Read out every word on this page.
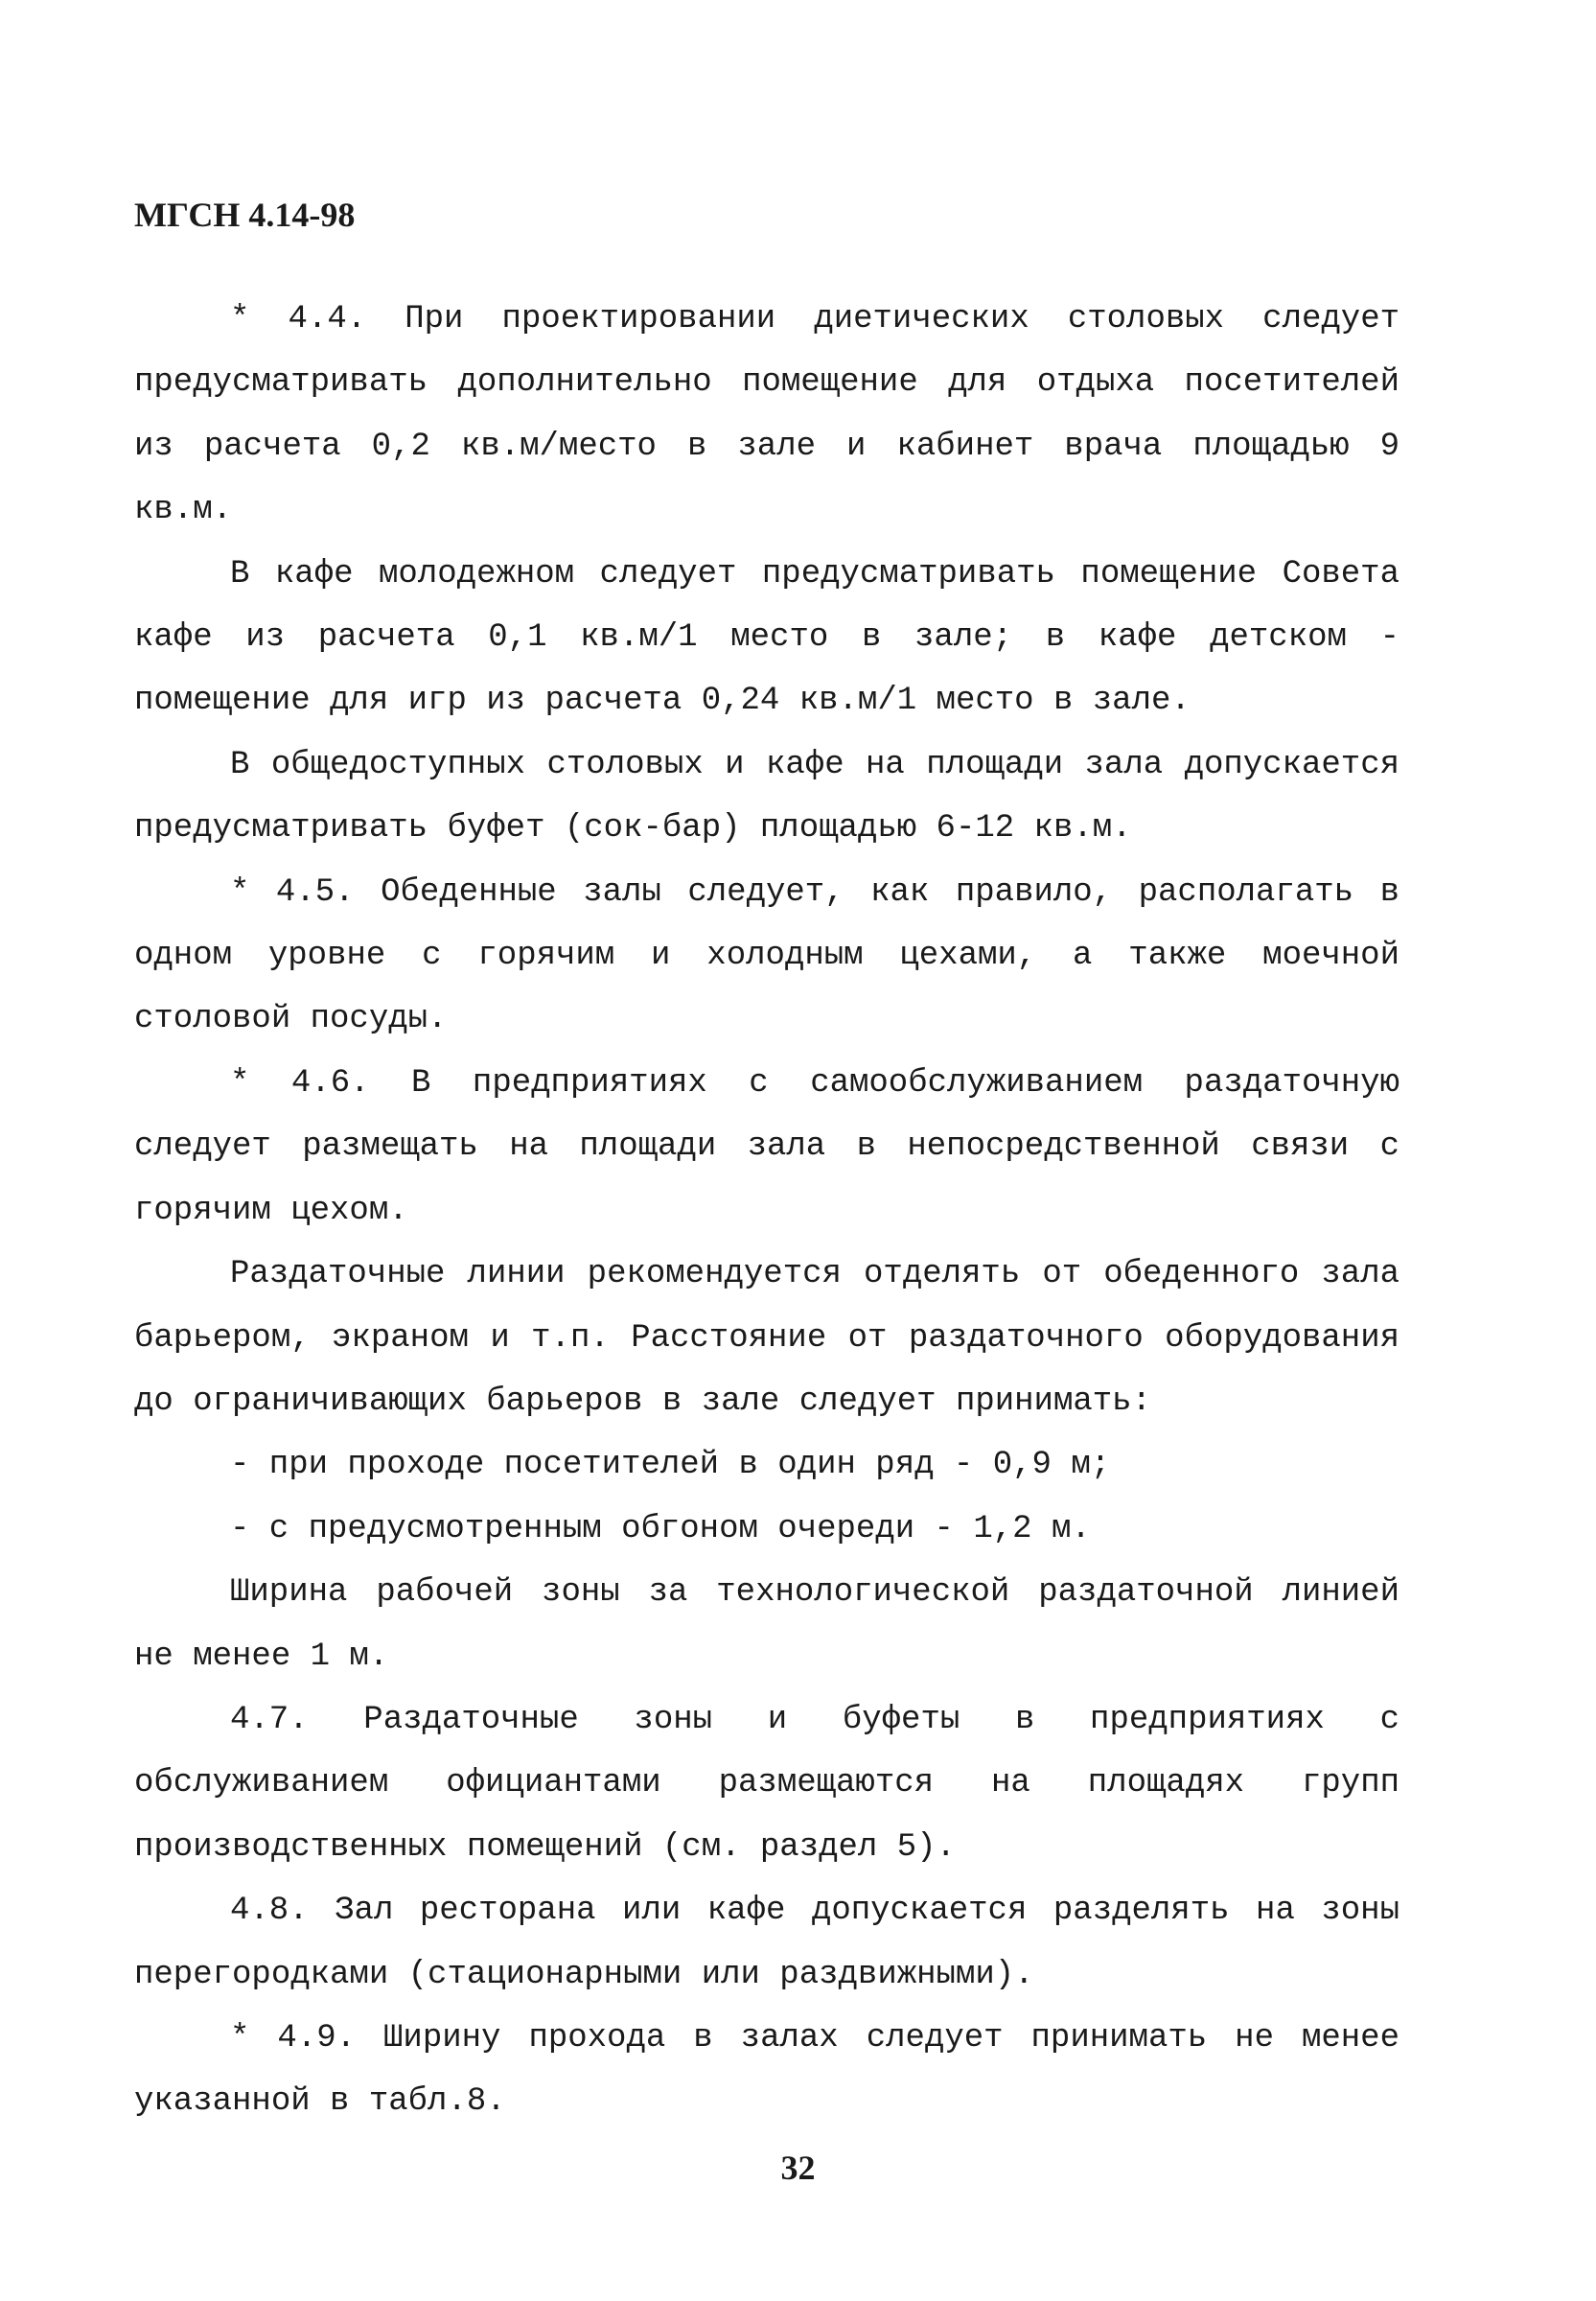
МГСН 4.14-98

* 4.4. При проектировании диетических столовых следует предусматривать дополнительно помещение для отдыха посетителей из расчета 0,2 кв.м/место в зале и кабинет врача площадью 9 кв.м.

В кафе молодежном следует предусматривать помещение Совета кафе из расчета 0,1 кв.м/1 место в зале; в кафе детском - помещение для игр из расчета 0,24 кв.м/1 место в зале.

В общедоступных столовых и кафе на площади зала допускается предусматривать буфет (сок-бар) площадью 6-12 кв.м.

* 4.5. Обеденные залы следует, как правило, располагать в одном уровне с горячим и холодным цехами, а также моечной столовой посуды.

* 4.6. В предприятиях с самообслуживанием раздаточную следует размещать на площади зала в непосредственной связи с горячим цехом.

Раздаточные линии рекомендуется отделять от обеденного зала барьером, экраном и т.п. Расстояние от раздаточного оборудования до ограничивающих барьеров в зале следует принимать:

- при проходе посетителей в один ряд - 0,9 м;

- с предусмотренным обгоном очереди - 1,2 м.

Ширина рабочей зоны за технологической раздаточной линией не менее 1 м.

4.7. Раздаточные зоны и буфеты в предприятиях с обслуживанием официантами размещаются на площадях групп производственных помещений (см. раздел 5).

4.8. Зал ресторана или кафе допускается разделять на зоны перегородками (стационарными или раздвижными).

* 4.9. Ширину прохода в залах следует принимать не менее указанной в табл.8.

32
